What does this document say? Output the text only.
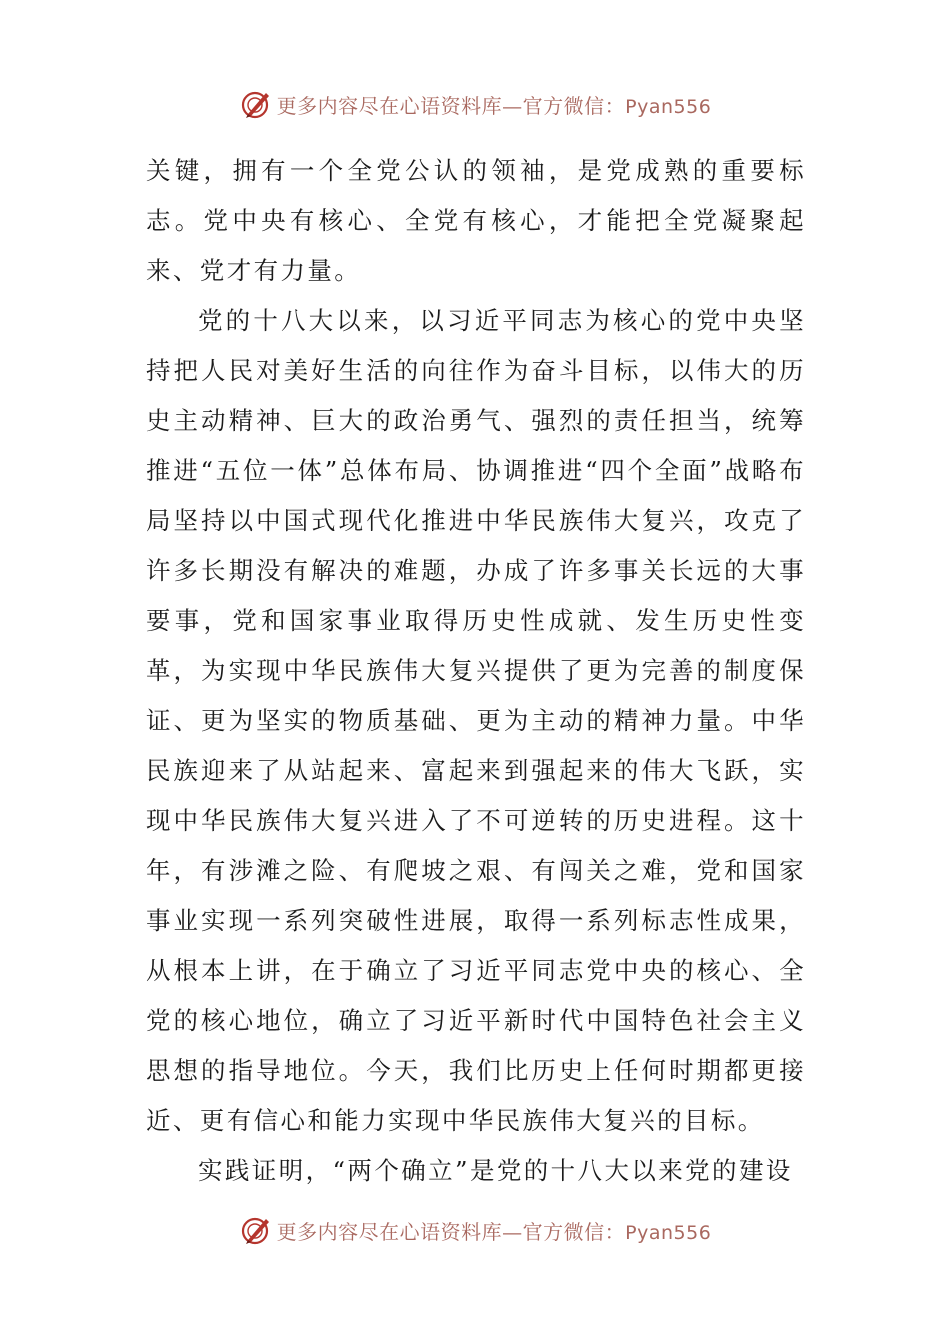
更多内容尽在心语资料库—官方微信：Pyan556

关键，拥有一个全党公认的领袖，是党成熟的重要标志。党中央有核心、全党有核心，才能把全党凝聚起来、党才有力量。

党的十八大以来，以习近平同志为核心的党中央坚持把人民对美好生活的向往作为奋斗目标，以伟大的历史主动精神、巨大的政治勇气、强烈的责任担当，统筹推进“五位一体”总体布局、协调推进“四个全面”战略布局坚持以中国式现代化推进中华民族伟大复兴，攻克了许多长期没有解决的难题，办成了许多事关长远的大事要事，党和国家事业取得历史性成就、发生历史性变革，为实现中华民族伟大复兴提供了更为完善的制度保证、更为坚实的物质基础、更为主动的精神力量。中华民族迎来了从站起来、富起来到强起来的伟大飞跃，实现中华民族伟大复兴进入了不可逆转的历史进程。这十年，有涉滩之险、有爬坡之艰、有闯关之难，党和国家事业实现一系列突破性进展，取得一系列标志性成果，从根本上讲，在于确立了习近平同志党中央的核心、全党的核心地位，确立了习近平新时代中国特色社会主义思想的指导地位。今天，我们比历史上任何时期都更接近、更有信心和能力实现中华民族伟大复兴的目标。

实践证明，“两个确立”是党的十八大以来党的建设

更多内容尽在心语资料库—官方微信：Pyan556
